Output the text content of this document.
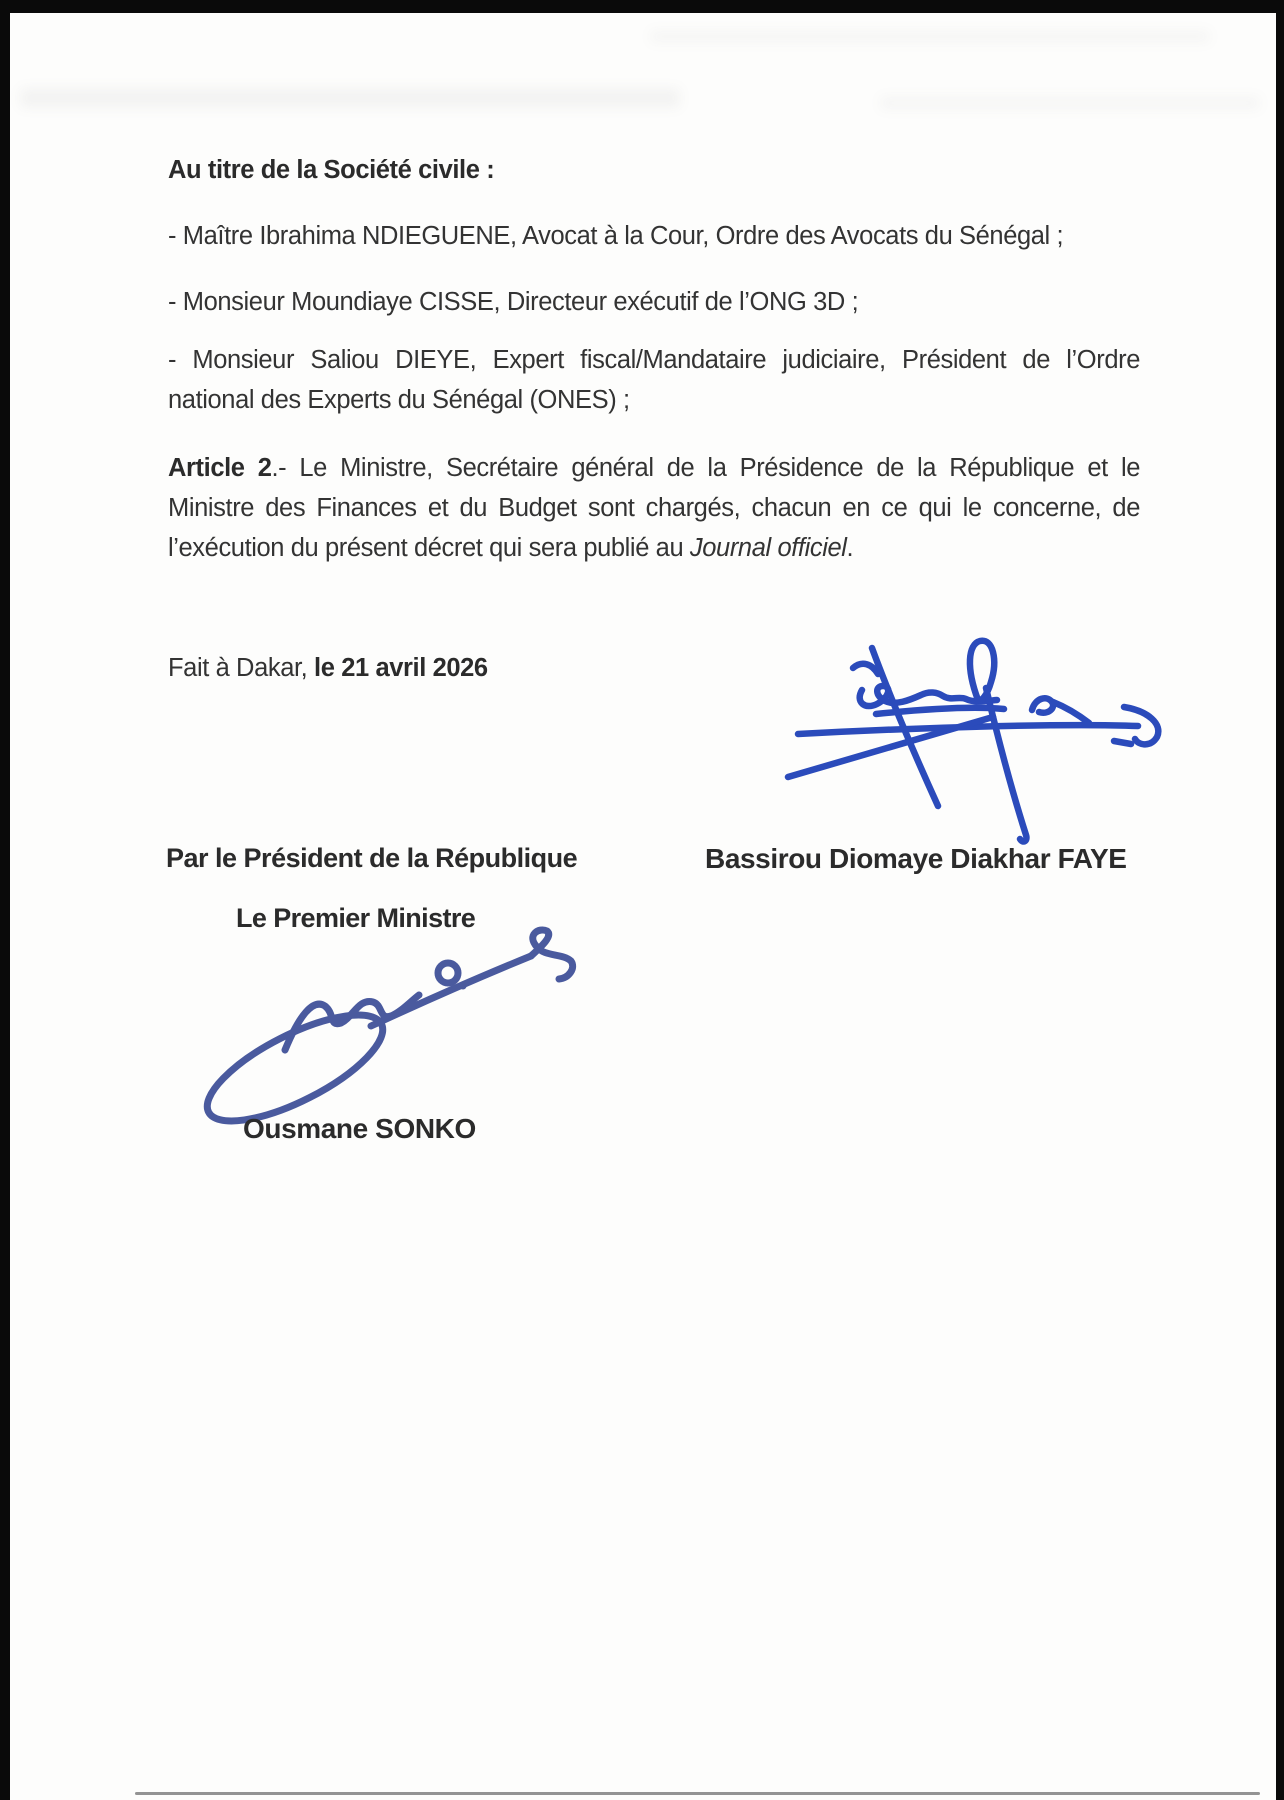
Au titre de la Société civile :
- Maître Ibrahima NDIEGUENE, Avocat à la Cour, Ordre des Avocats du Sénégal ;
- Monsieur Moundiaye CISSE, Directeur exécutif de l’ONG 3D ;
- Monsieur Saliou DIEYE, Expert fiscal/Mandataire judiciaire, Président de l’Ordre
national des Experts du Sénégal (ONES) ;
Article 2.- Le Ministre, Secrétaire général de la Présidence de la République et le
Ministre des Finances et du Budget sont chargés, chacun en ce qui le concerne, de
l’exécution du présent décret qui sera publié au Journal officiel.
Fait à Dakar, le 21 avril 2026
Par le Président de la République	Bassirou Diomaye Diakhar FAYE
Le Premier Ministre
Ousmane SONKO
